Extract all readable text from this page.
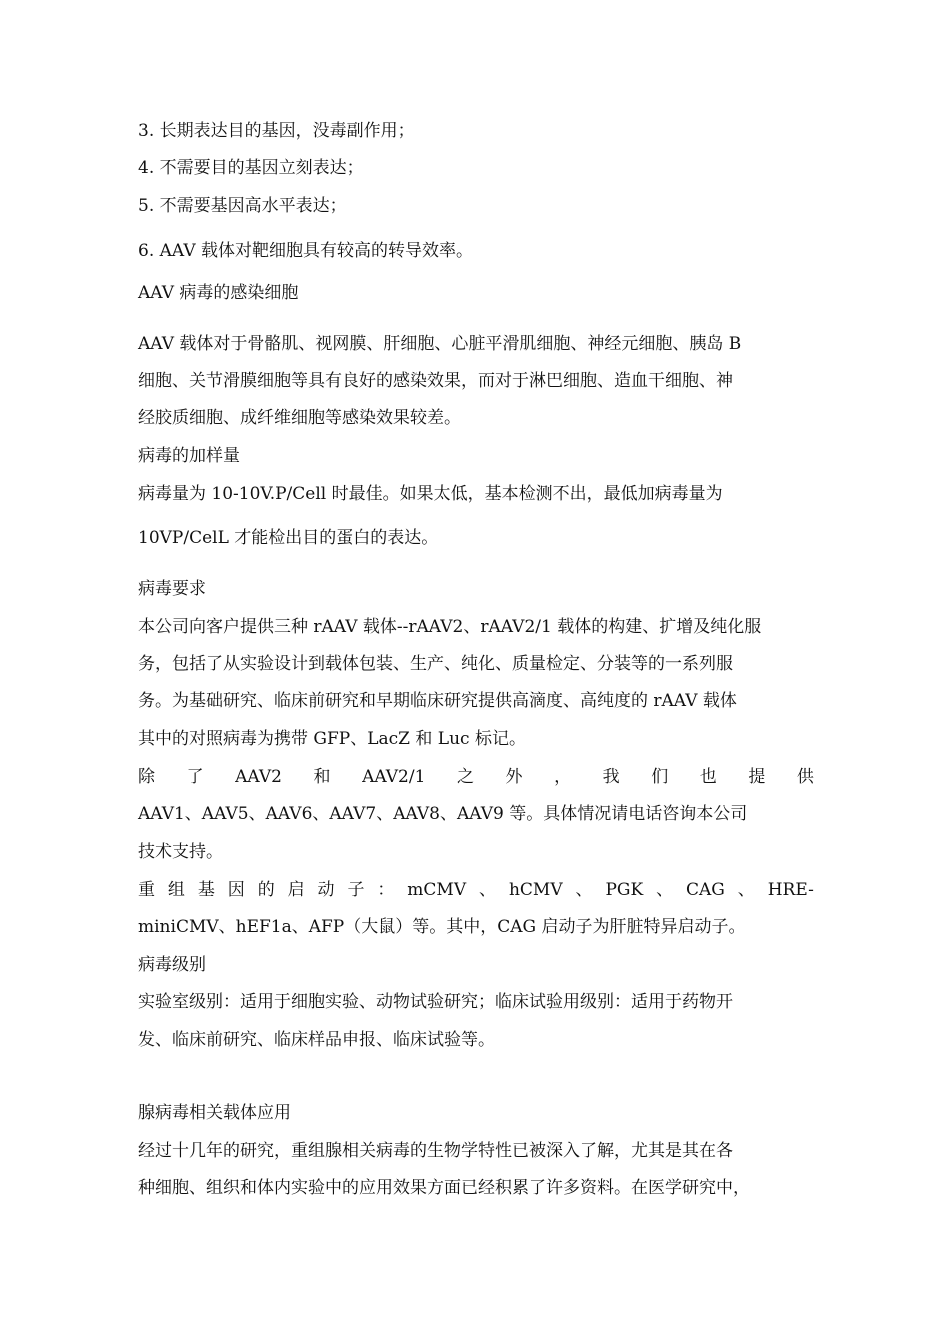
3. 长期表达目的基因，没毒副作用；
4. 不需要目的基因立刻表达；
5. 不需要基因高水平表达；
6. AAV 载体对靶细胞具有较高的转导效率。
AAV 病毒的感染细胞
AAV 载体对于骨骼肌、视网膜、肝细胞、心脏平滑肌细胞、神经元细胞、胰岛 B
细胞、关节滑膜细胞等具有良好的感染效果，而对于淋巴细胞、造血干细胞、神
经胶质细胞、成纤维细胞等感染效果较差。
病毒的加样量
病毒量为 10-10V.P/Cell 时最佳。如果太低，基本检测不出，最低加病毒量为
10VP/CelL 才能检出目的蛋白的表达。
病毒要求
本公司向客户提供三种 rAAV 载体--rAAV2、rAAV2/1 载体的构建、扩增及纯化服
务，包括了从实验设计到载体包装、生产、纯化、质量检定、分装等的一系列服
务。为基础研究、临床前研究和早期临床研究提供高滴度、高纯度的 rAAV 载体
其中的对照病毒为携带 GFP、LacZ 和 Luc 标记。
除 了 AAV2 和 AAV2/1 之 外 ， 我 们 也 提 供
AAV1、AAV5、AAV6、AAV7、AAV8、AAV9 等。具体情况请电话咨询本公司
技术支持。
重 组 基 因 的 启 动 子 ： mCMV 、 hCMV 、 PGK 、 CAG 、 HRE-
miniCMV、hEF1a、AFP（大鼠）等。其中，CAG 启动子为肝脏特异启动子。
病毒级别
实验室级别：适用于细胞实验、动物试验研究；临床试验用级别：适用于药物开
发、临床前研究、临床样品申报、临床试验等。
腺病毒相关载体应用
经过十几年的研究，重组腺相关病毒的生物学特性已被深入了解，尤其是其在各
种细胞、组织和体内实验中的应用效果方面已经积累了许多资料。在医学研究中，
